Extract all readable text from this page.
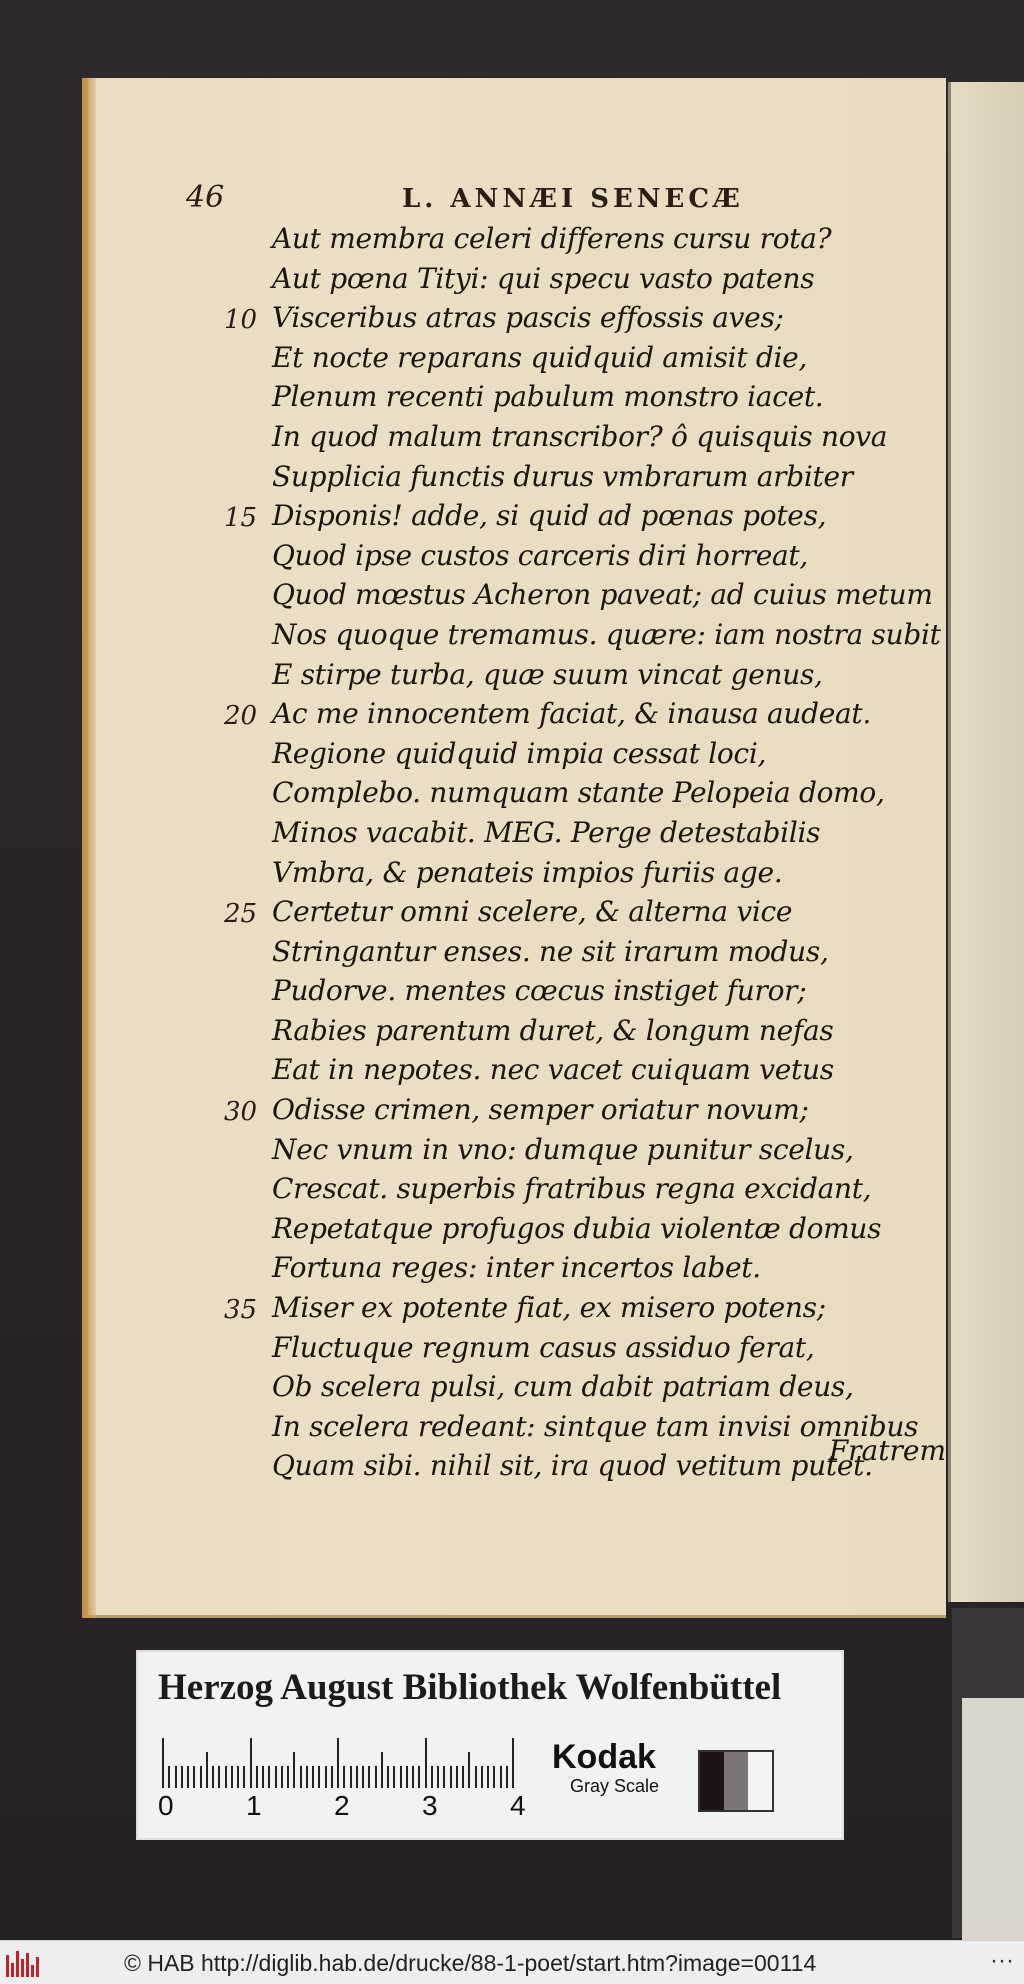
46	L. ANNÆI SENECÆ
Aut membra celeri differens cursu rota?
Aut pœna Tityi: qui specu vasto patens
10 Visceribus atras pascis effossis aves;
Et nocte reparans quidquid amisit die,
Plenum recenti pabulum monstro iacet.
In quod malum transcribor? ô quisquis nova
Supplicia functis durus vmbrarum arbiter
15 Disponis! adde, si quid ad pœnas potes,
Quod ipse custos carceris diri horreat,
Quod mœstus Acheron paveat; ad cuius metum
Nos quoque tremamus. quære: iam nostra subit
E stirpe turba, quæ suum vincat genus,
20 Ac me innocentem faciat, & inausa audeat.
Regione quidquid impia cessat loci,
Complebo. numquam stante Pelopeia domo,
Minos vacabit. MEG. Perge detestabilis
Vmbra, & penateis impios furiis age.
25 Certetur omni scelere, & alterna vice
Stringantur enses. ne sit irarum modus,
Pudorve. mentes cœcus instiget furor;
Rabies parentum duret, & longum nefas
Eat in nepotes. nec vacet cuiquam vetus
30 Odisse crimen, semper oriatur novum;
Nec vnum in vno: dumque punitur scelus,
Crescat. superbis fratribus regna excidant,
Repetatque profugos dubia violentæ domus
Fortuna reges: inter incertos labet.
35 Miser ex potente fiat, ex misero potens;
Fluctuque regnum casus assiduo ferat,
Ob scelera pulsi, cum dabit patriam deus,
In scelera redeant: sintque tam invisi omnibus
Quam sibi. nihil sit, ira quod vetitum putet.
Fratrem
Herzog August Bibliothek Wolfenbüttel
0	1	2	3	4
Kodak
Gray Scale
© HAB http://diglib.hab.de/drucke/88-1-poet/start.htm?image=00114	···
